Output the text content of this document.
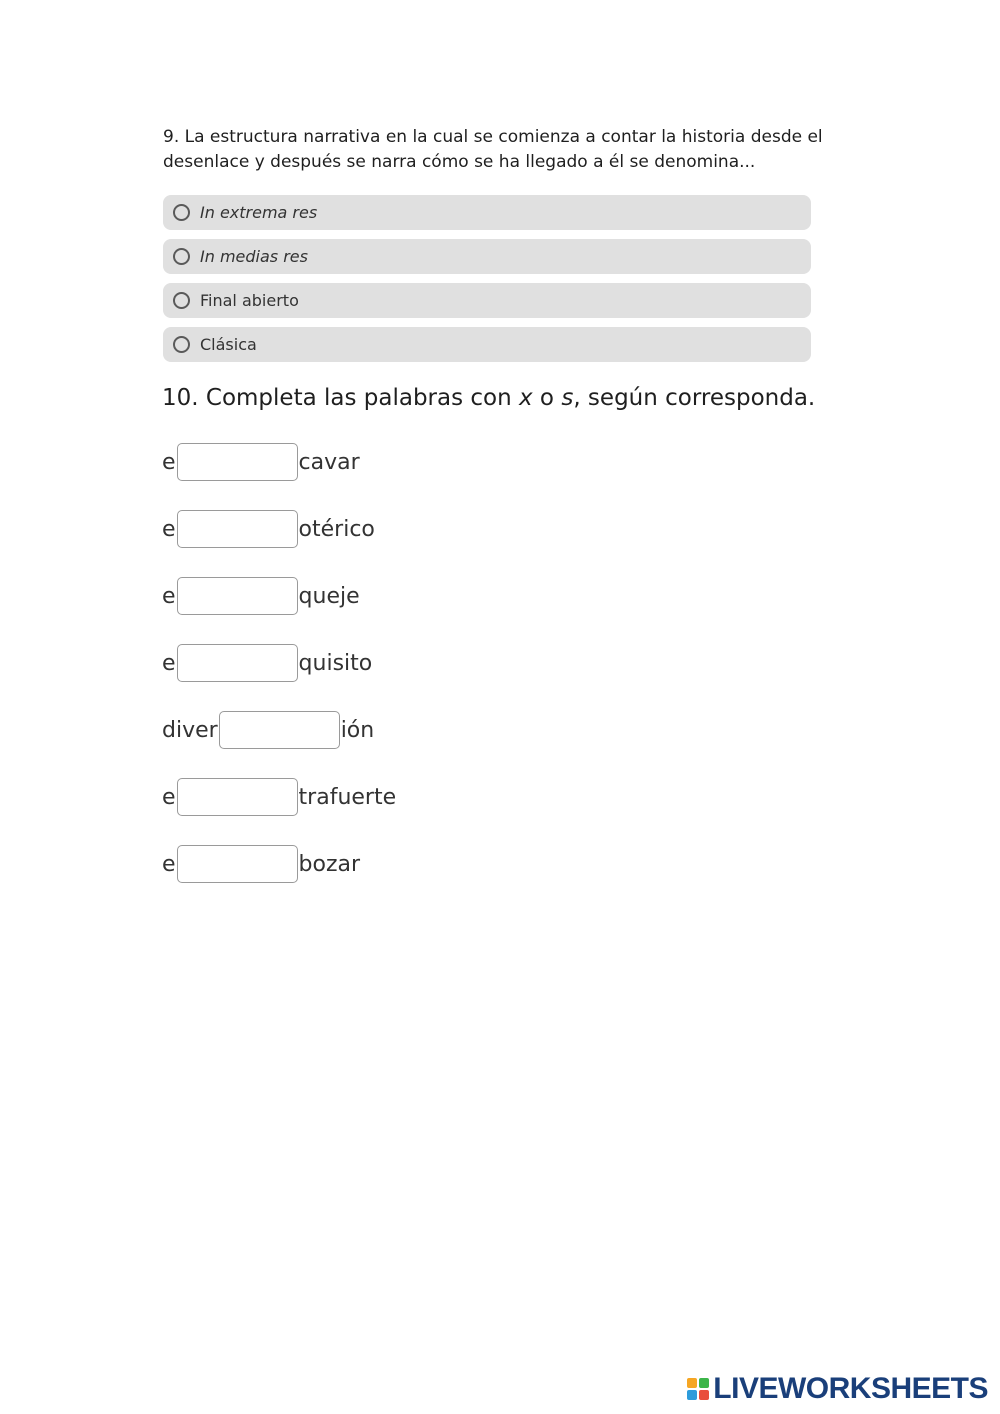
9. La estructura narrativa en la cual se comienza a contar la historia desde el desenlace y después se narra cómo se ha llegado a él se denomina...
In extrema res
In medias res
Final abierto
Clásica
10. Completa las palabras con x o s, según corresponda.
e	cavar
e	otérico
e	queje
e	quisito
diver	ión
e	trafuerte
e	bozar
LIVEWORKSHEETS
